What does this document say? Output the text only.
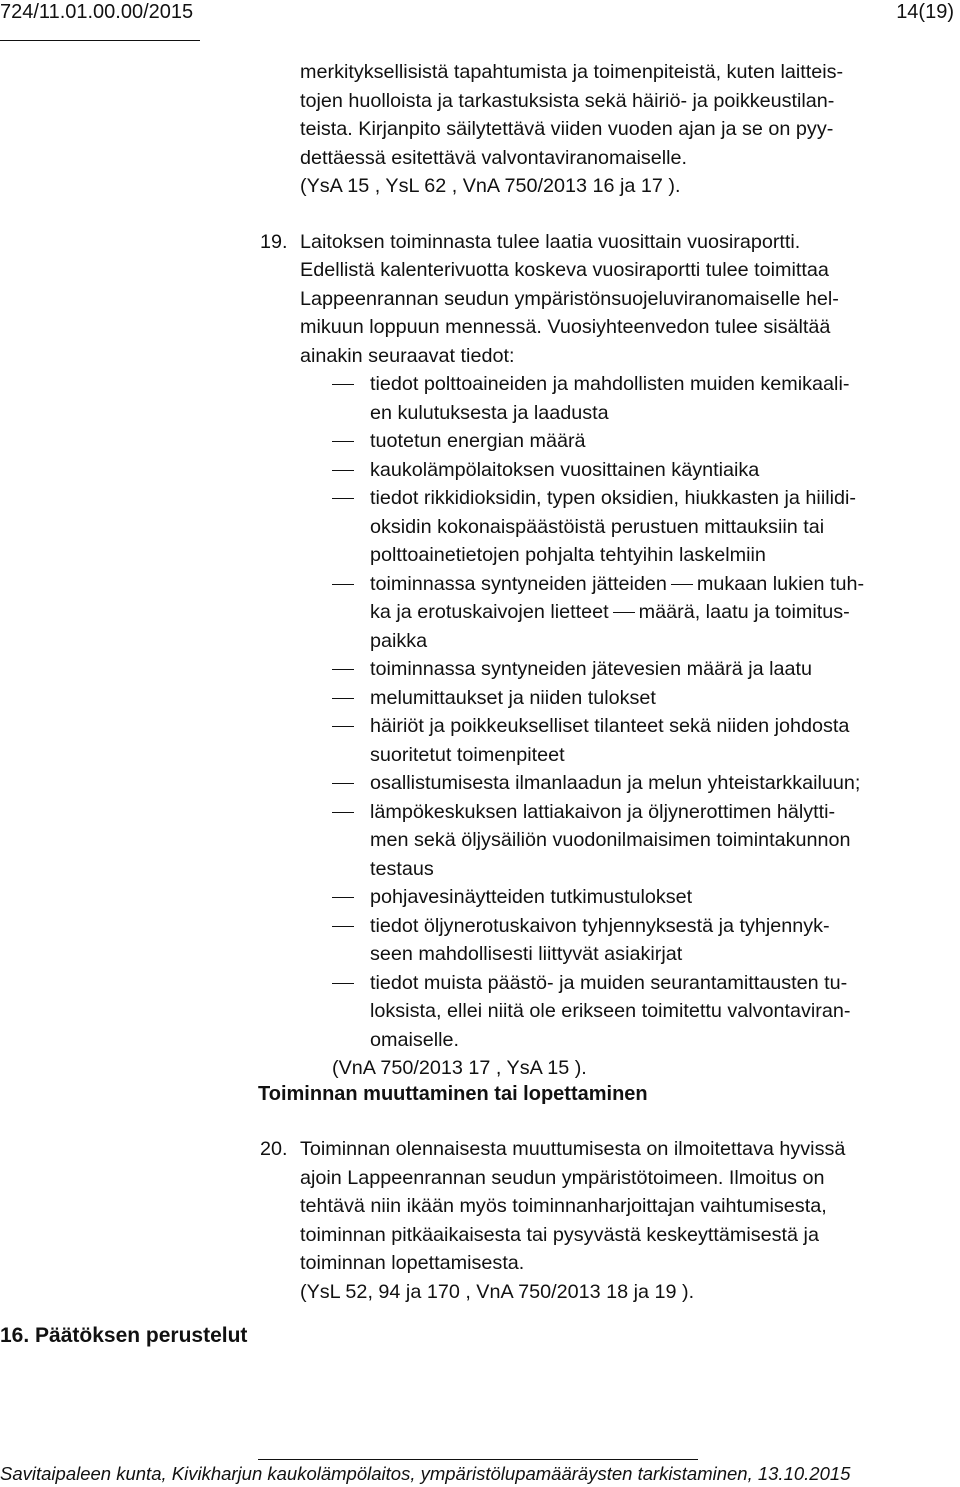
724/11.01.00.00/2015	14(19)

merkityksellisistä tapahtumista ja toimenpiteistä, kuten laitteis-
tojen huolloista ja tarkastuksista sekä häiriö- ja poikkeustilan-
teista. Kirjanpito säilytettävä viiden vuoden ajan ja se on pyy-
dettäessä esitettävä valvontaviranomaiselle.

(YsA 15 , YsL 62 , VnA 750/2013 16 ja 17 ).

19. Laitoksen toiminnasta tulee laatia vuosittain vuosiraportti.
Edellistä kalenterivuotta koskeva vuosiraportti tulee toimittaa
Lappeenrannan seudun ympäristönsuojeluviranomaiselle hel-
mikuun loppuun mennessä. Vuosiyhteenvedon tulee sisältää
ainakin seuraavat tiedot:
tiedot polttoaineiden ja mahdollisten muiden kemikaali-
en kulutuksesta ja laadusta
tuotetun energian määrä
kaukolämpölaitoksen vuosittainen käyntiaika
tiedot rikkidioksidin, typen oksidien, hiukkasten ja hiilidi-
oksidin kokonaispäästöistä perustuen mittauksiin tai
polttoainetietojen pohjalta tehtyihin laskelmiin
toiminnassa syntyneiden jätteiden mukaan lukien tuh-
ka ja erotuskaivojen lietteet määrä, laatu ja toimitus-
paikka
toiminnassa syntyneiden jätevesien määrä ja laatu
melumittaukset ja niiden tulokset
häiriöt ja poikkeukselliset tilanteet sekä niiden johdosta
suoritetut toimenpiteet
osallistumisesta ilmanlaadun ja melun yhteistarkkailuun;
lämpökeskuksen lattiakaivon ja öljynerottimen hälytti-
men sekä öljysäiliön vuodonilmaisimen toimintakunnon
testaus
pohjavesinäytteiden tutkimustulokset
tiedot öljynerotuskaivon tyhjennyksestä ja tyhjennyk-
seen mahdollisesti liittyvät asiakirjat
tiedot muista päästö- ja muiden seurantamittausten tu-
loksista, ellei niitä ole erikseen toimitettu valvontaviran-
omaiselle.

(VnA 750/2013 17 , YsA 15 ).

Toiminnan muuttaminen tai lopettaminen
20. Toiminnan olennaisesta muuttumisesta on ilmoitettava hyvissä
ajoin Lappeenrannan seudun ympäristötoimeen. Ilmoitus on
tehtävä niin ikään myös toiminnanharjoittajan vaihtumisesta,
toiminnan pitkäaikaisesta tai pysyvästä keskeyttämisestä ja
toiminnan lopettamisesta.
(YsL 52, 94 ja 170 , VnA 750/2013 18 ja 19 ).
16. Päätöksen perustelut
Savitaipaleen kunta, Kivikharjun kaukolämpölaitos, ympäristölupamääräysten tarkistaminen, 13.10.2015
